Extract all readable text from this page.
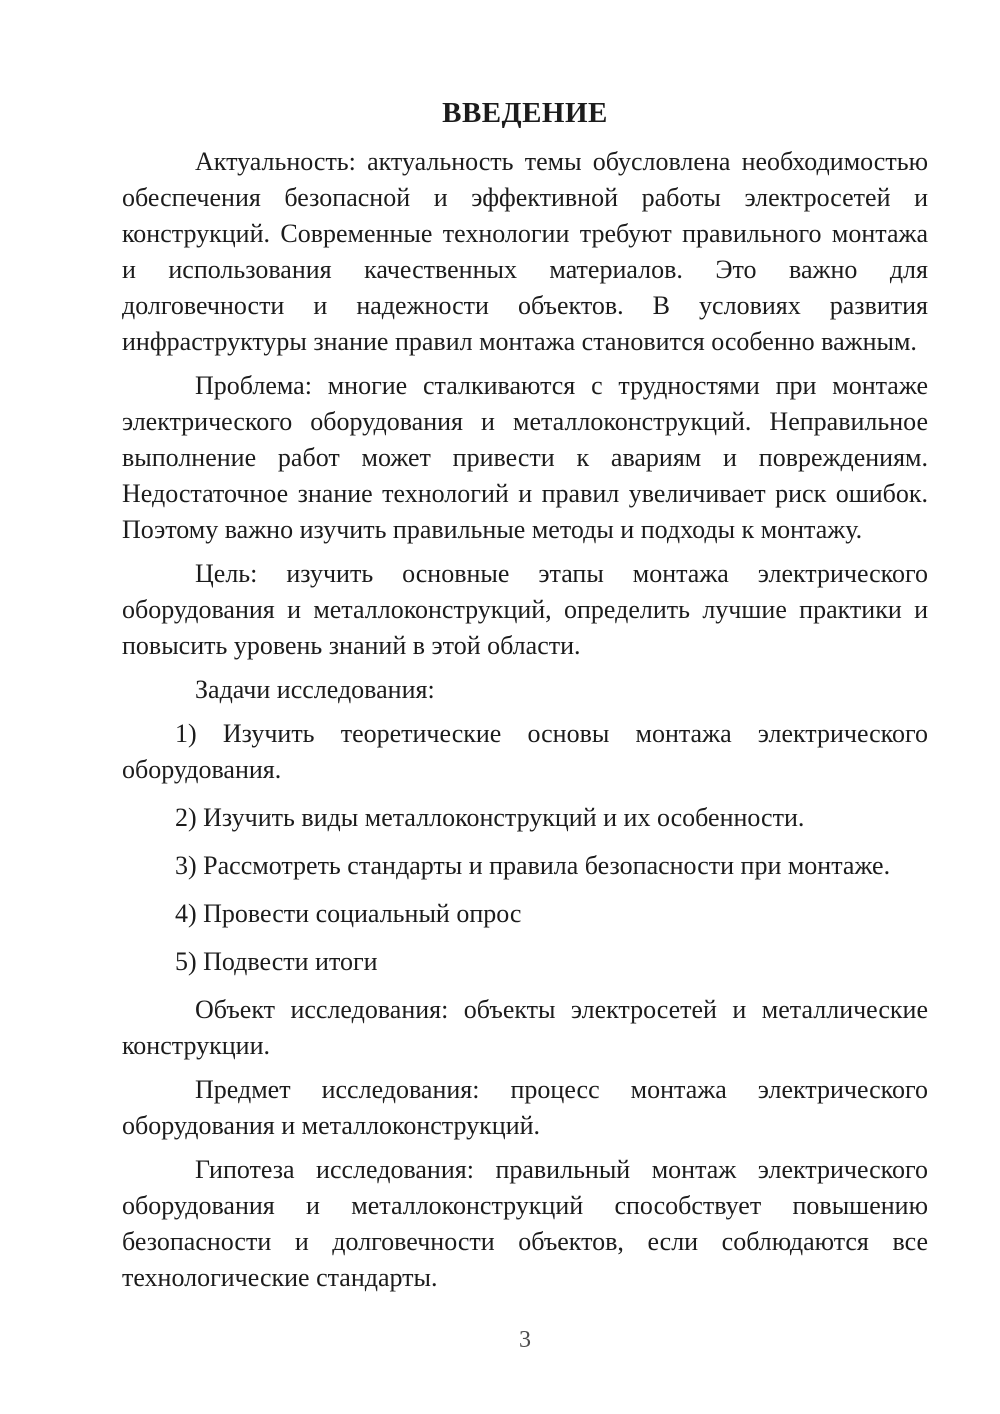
ВВЕДЕНИЕ

Актуальность: актуальность темы обусловлена необходимостью обеспечения безопасной и эффективной работы электросетей и конструкций. Современные технологии требуют правильного монтажа и использования качественных материалов. Это важно для долговечности и надежности объектов. В условиях развития инфраструктуры знание правил монтажа становится особенно важным.

Проблема: многие сталкиваются с трудностями при монтаже электрического оборудования и металлоконструкций. Неправильное выполнение работ может привести к авариям и повреждениям. Недостаточное знание технологий и правил увеличивает риск ошибок. Поэтому важно изучить правильные методы и подходы к монтажу.

Цель: изучить основные этапы монтажа электрического оборудования и металлоконструкций, определить лучшие практики и повысить уровень знаний в этой области.

Задачи исследования:

1) Изучить теоретические основы монтажа электрического оборудования.

2) Изучить виды металлоконструкций и их особенности.

3) Рассмотреть стандарты и правила безопасности при монтаже.

4) Провести социальный опрос

5) Подвести итоги

Объект исследования: объекты электросетей и металлические конструкции.

Предмет исследования: процесс монтажа электрического оборудования и металлоконструкций.

Гипотеза исследования: правильный монтаж электрического оборудования и металлоконструкций способствует повышению безопасности и долговечности объектов, если соблюдаются все технологические стандарты.

3
